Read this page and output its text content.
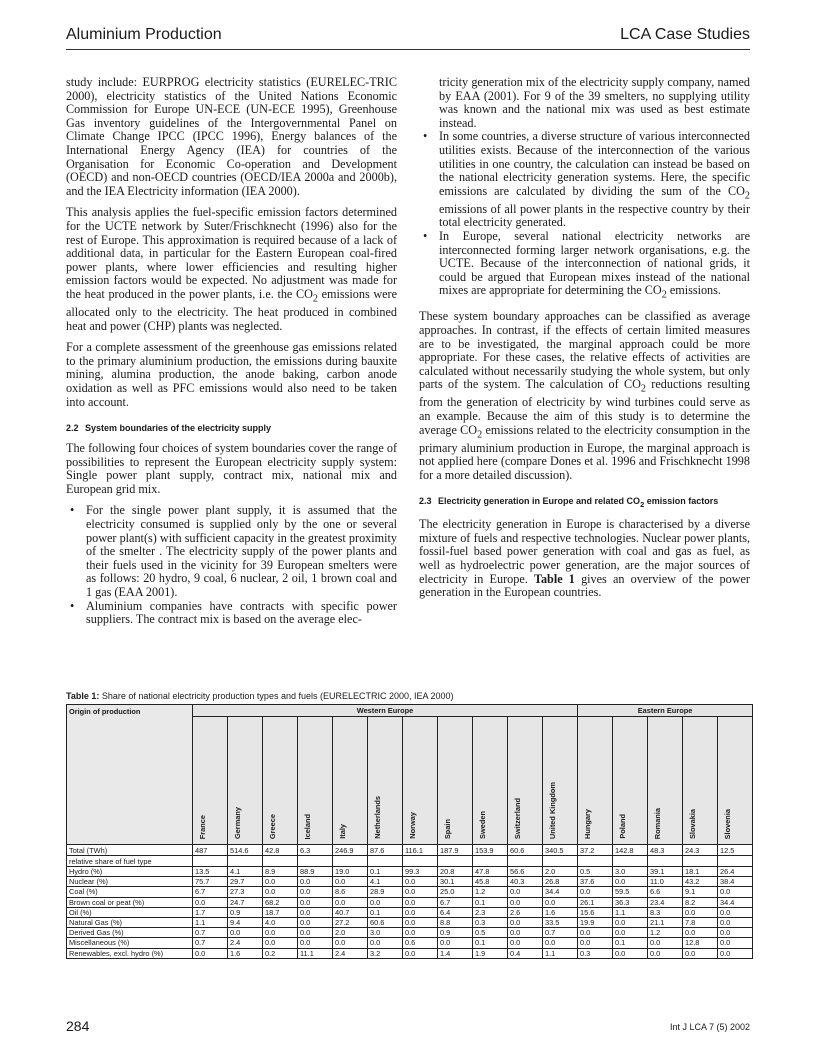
Aluminium Production	LCA Case Studies

study include: EURPROG electricity statistics (EURELEC-TRIC 2000), electricity statistics of the United Nations Economic Commission for Europe UN-ECE (UN-ECE 1995), Greenhouse Gas inventory guidelines of the Intergovernmental Panel on Climate Change IPCC (IPCC 1996), Energy balances of the International Energy Agency (IEA) for countries of the Organisation for Economic Co-operation and Development (OECD) and non-OECD countries (OECD/IEA 2000a and 2000b), and the IEA Electricity information (IEA 2000).

This analysis applies the fuel-specific emission factors determined for the UCTE network by Suter/Frischknecht (1996) also for the rest of Europe. This approximation is required because of a lack of additional data, in particular for the Eastern European coal-fired power plants, where lower efficiencies and resulting higher emission factors would be expected. No adjustment was made for the heat produced in the power plants, i.e. the $CO_2$ emissions were allocated only to the electricity. The heat produced in combined heat and power (CHP) plants was neglected.

For a complete assessment of the greenhouse gas emissions related to the primary aluminium production, the emissions during bauxite mining, alumina production, the anode baking, carbon anode oxidation as well as PFC emissions would also need to be taken into account.

2.2 System boundaries of the electricity supply

The following four choices of system boundaries cover the range of possibilities to represent the European electricity supply system: Single power plant supply, contract mix, national mix and European grid mix.

• For the single power plant supply, it is assumed that the electricity consumed is supplied only by the one or several power plant(s) with sufficient capacity in the greatest proximity of the smelter . The electricity supply of the power plants and their fuels used in the vicinity for 39 European smelters were as follows: 20 hydro, 9 coal, 6 nuclear, 2 oil, 1 brown coal and 1 gas (EAA 2001).
• Aluminium companies have contracts with specific power suppliers. The contract mix is based on the average elec-

tricity generation mix of the electricity supply company, named by EAA (2001). For 9 of the 39 smelters, no supplying utility was known and the national mix was used as best estimate instead.

• In some countries, a diverse structure of various interconnected utilities exists. Because of the interconnection of the various utilities in one country, the calculation can instead be based on the national electricity generation systems. Here, the specific emissions are calculated by dividing the sum of the $CO_2$ emissions of all power plants in the respective country by their total electricity generated.
• In Europe, several national electricity networks are interconnected forming larger network organisations, e.g. the UCTE. Because of the interconnection of national grids, it could be argued that European mixes instead of the national mixes are appropriate for determining the $CO_2$ emissions.

These system boundary approaches can be classified as average approaches. In contrast, if the effects of certain limited measures are to be investigated, the marginal approach could be more appropriate. For these cases, the relative effects of activities are calculated without necessarily studying the whole system, but only parts of the system. The calculation of $CO_2$ reductions resulting from the generation of electricity by wind turbines could serve as an example. Because the aim of this study is to determine the average $CO_2$ emissions related to the electricity consumption in the primary aluminium production in Europe, the marginal approach is not applied here (compare Dones et al. 1996 and Frischknecht 1998 for a more detailed discussion).

2.3 Electricity generation in Europe and related $CO_2$ emission factors

The electricity generation in Europe is characterised by a diverse mixture of fuels and respective technologies. Nuclear power plants, fossil-fuel based power generation with coal and gas as fuel, as well as hydroelectric power generation, are the major sources of electricity in Europe. Table 1 gives an overview of the power generation in the European countries.

Table 1: Share of national electricity production types and fuels (EURELECTRIC 2000, IEA 2000)
Origin of production	Western Europe											Eastern Europe				
	France	Germany	Greece	Iceland	Italy	Netherlands	Norway	Spain	Sweden	Switzerland	United Kingdom	Hungary	Poland	Romania	Slovakia	Slovenia
Total (TWh)	487	514.6	42.8	6.3	246.9	87.6	116.1	187.9	153.9	60.6	340.5	37.2	142.8	48.3	24.3	12.5
relative share of fuel type																
Hydro (%)	13.5	4.1	8.9	88.9	19.0	0.1	99.3	20.8	47.8	56.6	2.0	0.5	3.0	39.1	18.1	26.4
Nuclear (%)	75.7	29.7	0.0	0.0	0.0	4.1	0.0	30.1	45.8	40.3	26.8	37.6	0.0	11.0	43.2	38.4
Coal (%)	6.7	27.3	0.0	0.0	8.6	28.9	0.0	25.0	1.2	0.0	34.4	0.0	59.5	6.6	9.1	0.0
Brown coal or peat (%)	0.0	24.7	68.2	0.0	0.0	0.0	0.0	6.7	0.1	0.0	0.0	26.1	36.3	23.4	8.2	34.4
Oil (%)	1.7	0.9	18.7	0.0	40.7	0.1	0.0	6.4	2.3	2.6	1.6	15.6	1.1	8.3	0.0	0.0
Natural Gas (%)	1.1	9.4	4.0	0.0	27.2	60.6	0.0	8.8	0.3	0.0	33.5	19.9	0.0	21.1	7.8	0.0
Derived Gas (%)	0.7	0.0	0.0	0.0	2.0	3.0	0.0	0.9	0.5	0.0	0.7	0.0	0.0	1.2	0.0	0.0
Miscellaneous (%)	0.7	2.4	0.0	0.0	0.0	0.0	0.6	0.0	0.1	0.0	0.0	0.0	0.1	0.0	12.8	0.0
Renewables, excl. hydro (%)	0.0	1.6	0.2	11.1	2.4	3.2	0.0	1.4	1.9	0.4	1.1	0.3	0.0	0.0	0.0	0.0
284	Int J LCA 7 (5) 2002
